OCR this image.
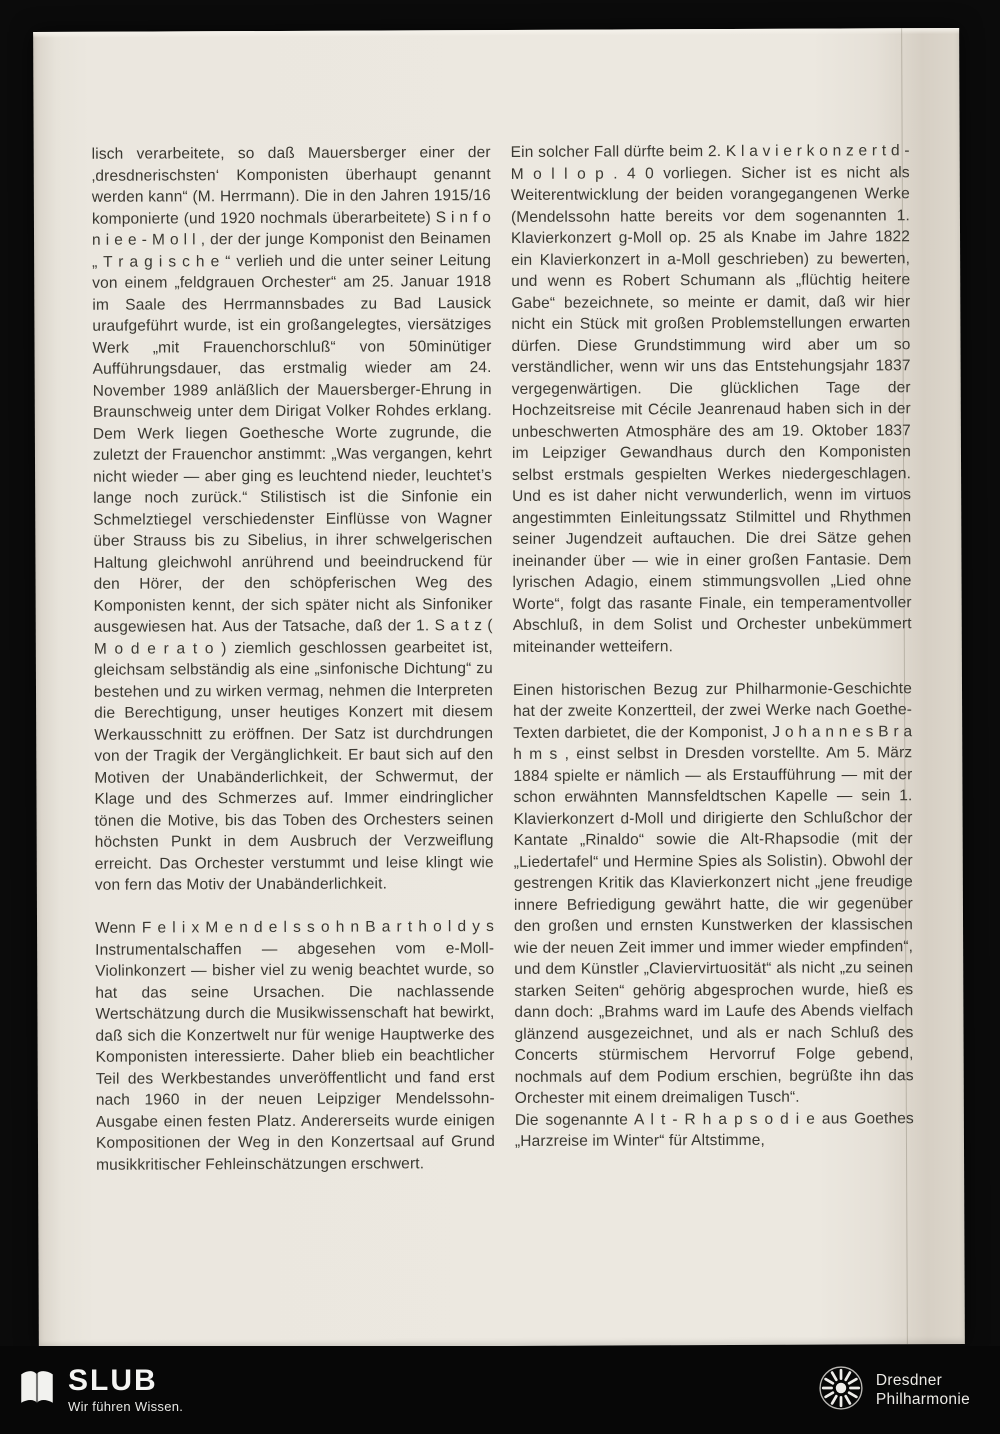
lisch verarbeitete, so daß Mauersberger einer der ‚dresdnerischsten‘ Komponisten überhaupt genannt werden kann“ (M. Herrmann). Die in den Jahren 1915/16 komponierte (und 1920 nochmals überarbeitete) S i n f o n i e e - M o l l , der der junge Komponist den Beinamen „ T r a g i s c h e “ verlieh und die unter seiner Leitung von einem „feldgrauen Orchester“ am 25. Januar 1918 im Saale des Herrmannsbades zu Bad Lausick uraufgeführt wurde, ist ein großangelegtes, viersätziges Werk „mit Frauenchorschluß“ von 50minütiger Aufführungsdauer, das erstmalig wieder am 24. November 1989 anläßlich der Mauersberger-Ehrung in Braunschweig unter dem Dirigat Volker Rohdes erklang. Dem Werk liegen Goethesche Worte zugrunde, die zuletzt der Frauenchor anstimmt: „Was vergangen, kehrt nicht wieder — aber ging es leuchtend nieder, leuchtet’s lange noch zurück.“ Stilistisch ist die Sinfonie ein Schmelztiegel verschiedenster Einflüsse von Wagner über Strauss bis zu Sibelius, in ihrer schwelgerischen Haltung gleichwohl anrührend und beeindruckend für den Hörer, der den schöpferischen Weg des Komponisten kennt, der sich später nicht als Sinfoniker ausgewiesen hat. Aus der Tatsache, daß der 1. S a t z ( M o d e r a t o ) ziemlich geschlossen gearbeitet ist, gleichsam selbständig als eine „sinfonische Dichtung“ zu bestehen und zu wirken vermag, nehmen die Interpreten die Berechtigung, unser heutiges Konzert mit diesem Werkausschnitt zu eröffnen. Der Satz ist durchdrungen von der Tragik der Vergänglichkeit. Er baut sich auf den Motiven der Unabänderlichkeit, der Schwermut, der Klage und des Schmerzes auf. Immer eindringlicher tönen die Motive, bis das Toben des Orchesters seinen höchsten Punkt in dem Ausbruch der Verzweiflung erreicht. Das Orchester verstummt und leise klingt wie von fern das Motiv der Unabänderlichkeit.

Wenn F e l i x M e n d e l s s o h n B a r t h o l d y s Instrumentalschaffen — abgesehen vom e-Moll-Violinkonzert — bisher viel zu wenig beachtet wurde, so hat das seine Ursachen. Die nachlassende Wertschätzung durch die Musikwissenschaft hat bewirkt, daß sich die Konzertwelt nur für wenige Hauptwerke des Komponisten interessierte. Daher blieb ein beachtlicher Teil des Werkbestandes unveröffentlicht und fand erst nach 1960 in der neuen Leipziger Mendelssohn-Ausgabe einen festen Platz. Andererseits wurde einigen Kompositionen der Weg in den Konzertsaal auf Grund musikkritischer Fehleinschätzungen erschwert.

Ein solcher Fall dürfte beim 2. K l a v i e r k o n z e r t d - M o l l o p . 4 0 vorliegen. Sicher ist es nicht als Weiterentwicklung der beiden vorangegangenen Werke (Mendelssohn hatte bereits vor dem sogenannten 1. Klavierkonzert g-Moll op. 25 als Knabe im Jahre 1822 ein Klavierkonzert in a-Moll geschrieben) zu bewerten, und wenn es Robert Schumann als „flüchtig heitere Gabe“ bezeichnete, so meinte er damit, daß wir hier nicht ein Stück mit großen Problemstellungen erwarten dürfen. Diese Grundstimmung wird aber um so verständlicher, wenn wir uns das Entstehungsjahr 1837 vergegenwärtigen. Die glücklichen Tage der Hochzeitsreise mit Cécile Jeanrenaud haben sich in der unbeschwerten Atmosphäre des am 19. Oktober 1837 im Leipziger Gewandhaus durch den Komponisten selbst erstmals gespielten Werkes niedergeschlagen. Und es ist daher nicht verwunderlich, wenn im virtuos angestimmten Einleitungssatz Stilmittel und Rhythmen seiner Jugendzeit auftauchen. Die drei Sätze gehen ineinander über — wie in einer großen Fantasie. Dem lyrischen Adagio, einem stimmungsvollen „Lied ohne Worte“, folgt das rasante Finale, ein temperamentvoller Abschluß, in dem Solist und Orchester unbekümmert miteinander wetteifern.

Einen historischen Bezug zur Philharmonie-Geschichte hat der zweite Konzertteil, der zwei Werke nach Goethe-Texten darbietet, die der Komponist, J o h a n n e s B r a h m s , einst selbst in Dresden vorstellte. Am 5. März 1884 spielte er nämlich — als Erstaufführung — mit der schon erwähnten Mannsfeldtschen Kapelle — sein 1. Klavierkonzert d-Moll und dirigierte den Schlußchor der Kantate „Rinaldo“ sowie die Alt-Rhapsodie (mit der „Liedertafel“ und Hermine Spies als Solistin). Obwohl der gestrengen Kritik das Klavierkonzert nicht „jene freudige innere Befriedigung gewährt hatte, die wir gegenüber den großen und ernsten Kunstwerken der klassischen wie der neuen Zeit immer und immer wieder empfinden“, und dem Künstler „Claviervirtuosität“ als nicht „zu seinen starken Seiten“ gehörig abgesprochen wurde, hieß es dann doch: „Brahms ward im Laufe des Abends vielfach glänzend ausgezeichnet, und als er nach Schluß des Concerts stürmischem Hervorruf Folge gebend, nochmals auf dem Podium erschien, begrüßte ihn das Orchester mit einem dreimaligen Tusch“.

Die sogenannte A l t - R h a p s o d i e aus Goethes „Harzreise im Winter“ für Altstimme,

SLUB
Wir führen Wissen.
Dresdner
Philharmonie
